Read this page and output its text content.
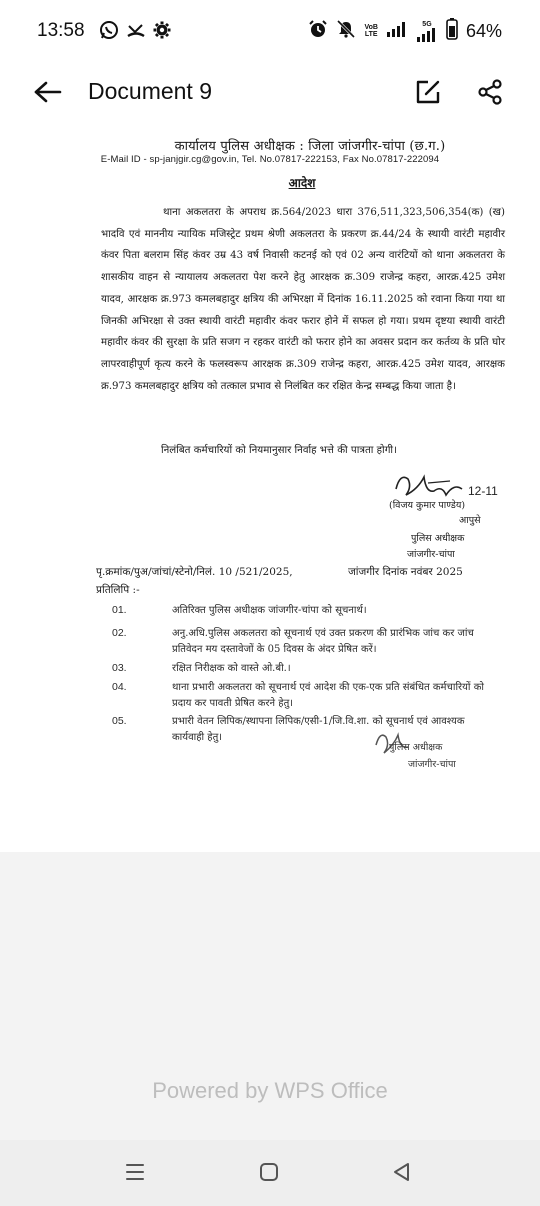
13:58	VoB
LTE
5G 64%
Document 9
कार्यालय पुलिस अधीक्षक : जिला जांजगीर-चांपा (छ.ग.)
E-Mail ID - sp-janjgir.cg@gov.in, Tel. No.07817-222153, Fax No.07817-222094
आदेश
थाना अकलतरा के अपराध क्र.564/2023 धारा 376,511,323,506,354(क) (ख) भादवि एवं माननीय न्यायिक मजिस्ट्रेट प्रथम श्रेणी अकलतरा के प्रकरण क्र.44/24 के स्थायी वारंटी महावीर कंवर पिता बलराम सिंह कंवर उम्र 43 वर्ष निवासी कटनई को एवं 02 अन्य वारंटियों को थाना अकलतरा के शासकीय वाहन से न्यायालय अकलतरा पेश करने हेतु आरक्षक क्र.309 राजेन्द्र कहरा, आरक्र.425 उमेश यादव, आरक्षक क्र.973 कमलबहादुर क्षत्रिय की अभिरक्षा में दिनांक 16.11.2025 को रवाना किया गया था जिनकी अभिरक्षा से उक्त स्थायी वारंटी महावीर कंवर फरार होने में सफल हो गया। प्रथम दृष्टया स्थायी वारंटी महावीर कंवर की सुरक्षा के प्रति सजग न रहकर वारंटी को फरार होने का अवसर प्रदान कर कर्तव्य के प्रति घोर लापरवाहीपूर्ण कृत्य करने के फलस्वरूप आरक्षक क्र.309 राजेन्द्र कहरा, आरक्र.425 उमेश यादव, आरक्षक क्र.973 कमलबहादुर क्षत्रिय को तत्काल प्रभाव से निलंबित कर रक्षित केन्द्र सम्बद्ध किया जाता है।
निलंबित कर्मचारियों को नियमानुसार निर्वाह भत्ते की पात्रता होगी।
12-11
(विजय कुमार पाण्डेय)
आपुसे
पुलिस अधीक्षक
जांजगीर-चांपा
पृ.क्रमांक/पुअ/जांचां/स्टेनो/निलं. 10 /521/2025,	जांजगीर दिनांक नवंबर 2025
प्रतिलिपि :-
01.	अतिरिक्त पुलिस अधीक्षक जांजगीर-चांपा को सूचनार्थ।
02.	अनु.अधि.पुलिस अकलतरा को सूचनार्थ एवं उक्त प्रकरण की प्रारंभिक जांच कर जांच प्रतिवेदन मय दस्तावेजों के 05 दिवस के अंदर प्रेषित करें।
03.	रक्षित निरीक्षक को वास्ते ओ.बी.।
04.	थाना प्रभारी अकलतरा को सूचनार्थ एवं आदेश की एक-एक प्रति संबंधित कर्मचारियों को प्रदाय कर पावती प्रेषित करने हेतु।
05.	प्रभारी वेतन लिपिक/स्थापना लिपिक/एसी-1/जि.वि.शा. को सूचनार्थ एवं आवश्यक कार्यवाही हेतु।
पुलिस अधीक्षक
जांजगीर-चांपा
Powered by WPS Office
